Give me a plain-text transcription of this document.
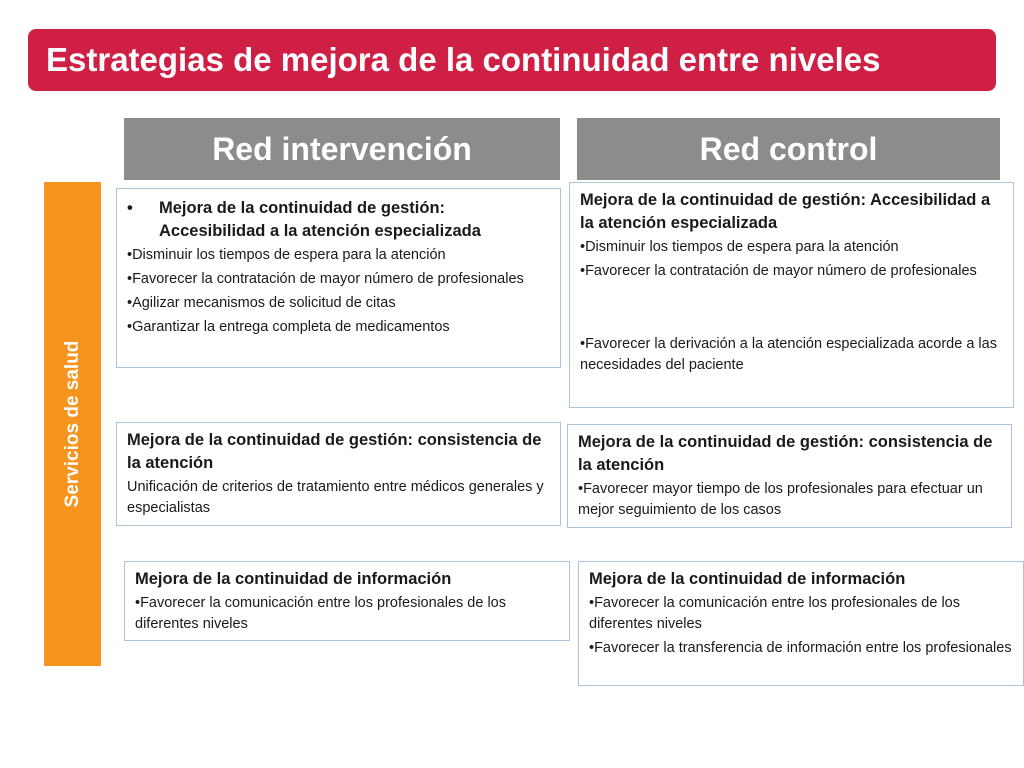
Estrategias de mejora de la continuidad entre niveles
Red intervención	Red control
Servicios de salud
•	Mejora de la continuidad de gestión: Accesibilidad a la atención especializada
•Disminuir los tiempos de espera para la atención
•Favorecer la contratación de mayor número de profesionales
•Agilizar mecanismos de solicitud de citas
•Garantizar la entrega completa de medicamentos
Mejora de la continuidad de gestión: Accesibilidad a la atención especializada
•Disminuir los tiempos de espera para la atención
•Favorecer la contratación de mayor número de profesionales
•Favorecer la derivación a la atención especializada acorde a las necesidades del paciente
Mejora de la continuidad de gestión: consistencia de la atención
Unificación de criterios de tratamiento entre médicos generales y especialistas
Mejora de la continuidad de gestión: consistencia de la atención
•Favorecer mayor tiempo de los profesionales para efectuar un mejor seguimiento de los casos
Mejora de la continuidad de información
•Favorecer la comunicación entre los profesionales de los diferentes niveles
Mejora de la continuidad de información
•Favorecer la comunicación entre los profesionales de los diferentes niveles
•Favorecer la transferencia de información entre los profesionales
